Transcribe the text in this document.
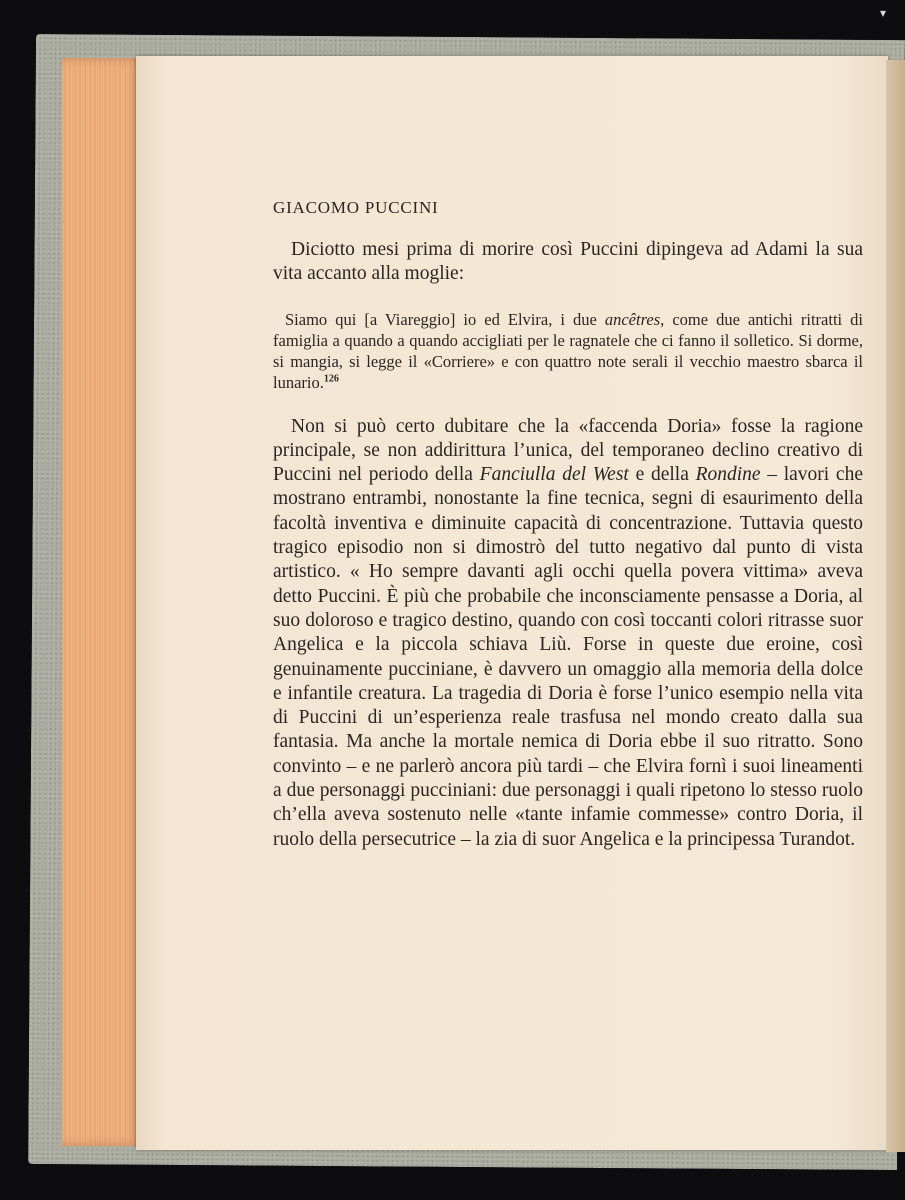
▾
GIACOMO PUCCINI

Diciotto mesi prima di morire così Puccini dipingeva ad Adami la sua vita accanto alla moglie:

Siamo qui [a Viareggio] io ed Elvira, i due ancêtres, come due antichi ritratti di famiglia a quando a quando accigliati per le ragnatele che ci fanno il solletico. Si dorme, si mangia, si legge il «Corriere» e con quattro note serali il vecchio maestro sbarca il lunario.$^{126}$

Non si può certo dubitare che la «faccenda Doria» fosse la ragione principale, se non addirittura l’unica, del temporaneo declino creativo di Puccini nel periodo della Fanciulla del West e della Rondine – lavori che mostrano entrambi, nonostante la fine tecnica, segni di esaurimento della facoltà inventiva e diminuite capacità di concentrazione. Tuttavia questo tragico episodio non si dimostrò del tutto negativo dal punto di vista artistico. « Ho sempre davanti agli occhi quella povera vittima» aveva detto Puccini. È più che probabile che inconsciamente pensasse a Doria, al suo doloroso e tragico destino, quando con così toccanti colori ritrasse suor Angelica e la piccola schiava Liù. Forse in queste due eroine, così genuinamente pucciniane, è davvero un omaggio alla memoria della dolce e infantile creatura. La tragedia di Doria è forse l’unico esempio nella vita di Puccini di un’esperienza reale trasfusa nel mondo creato dalla sua fantasia. Ma anche la mortale nemica di Doria ebbe il suo ritratto. Sono convinto – e ne parlerò ancora più tardi – che Elvira fornì i suoi lineamenti a due personaggi pucciniani: due personaggi i quali ripetono lo stesso ruolo ch’ella aveva sostenuto nelle «tante infamie commesse» contro Doria, il ruolo della persecutrice – la zia di suor Angelica e la principessa Turandot.
